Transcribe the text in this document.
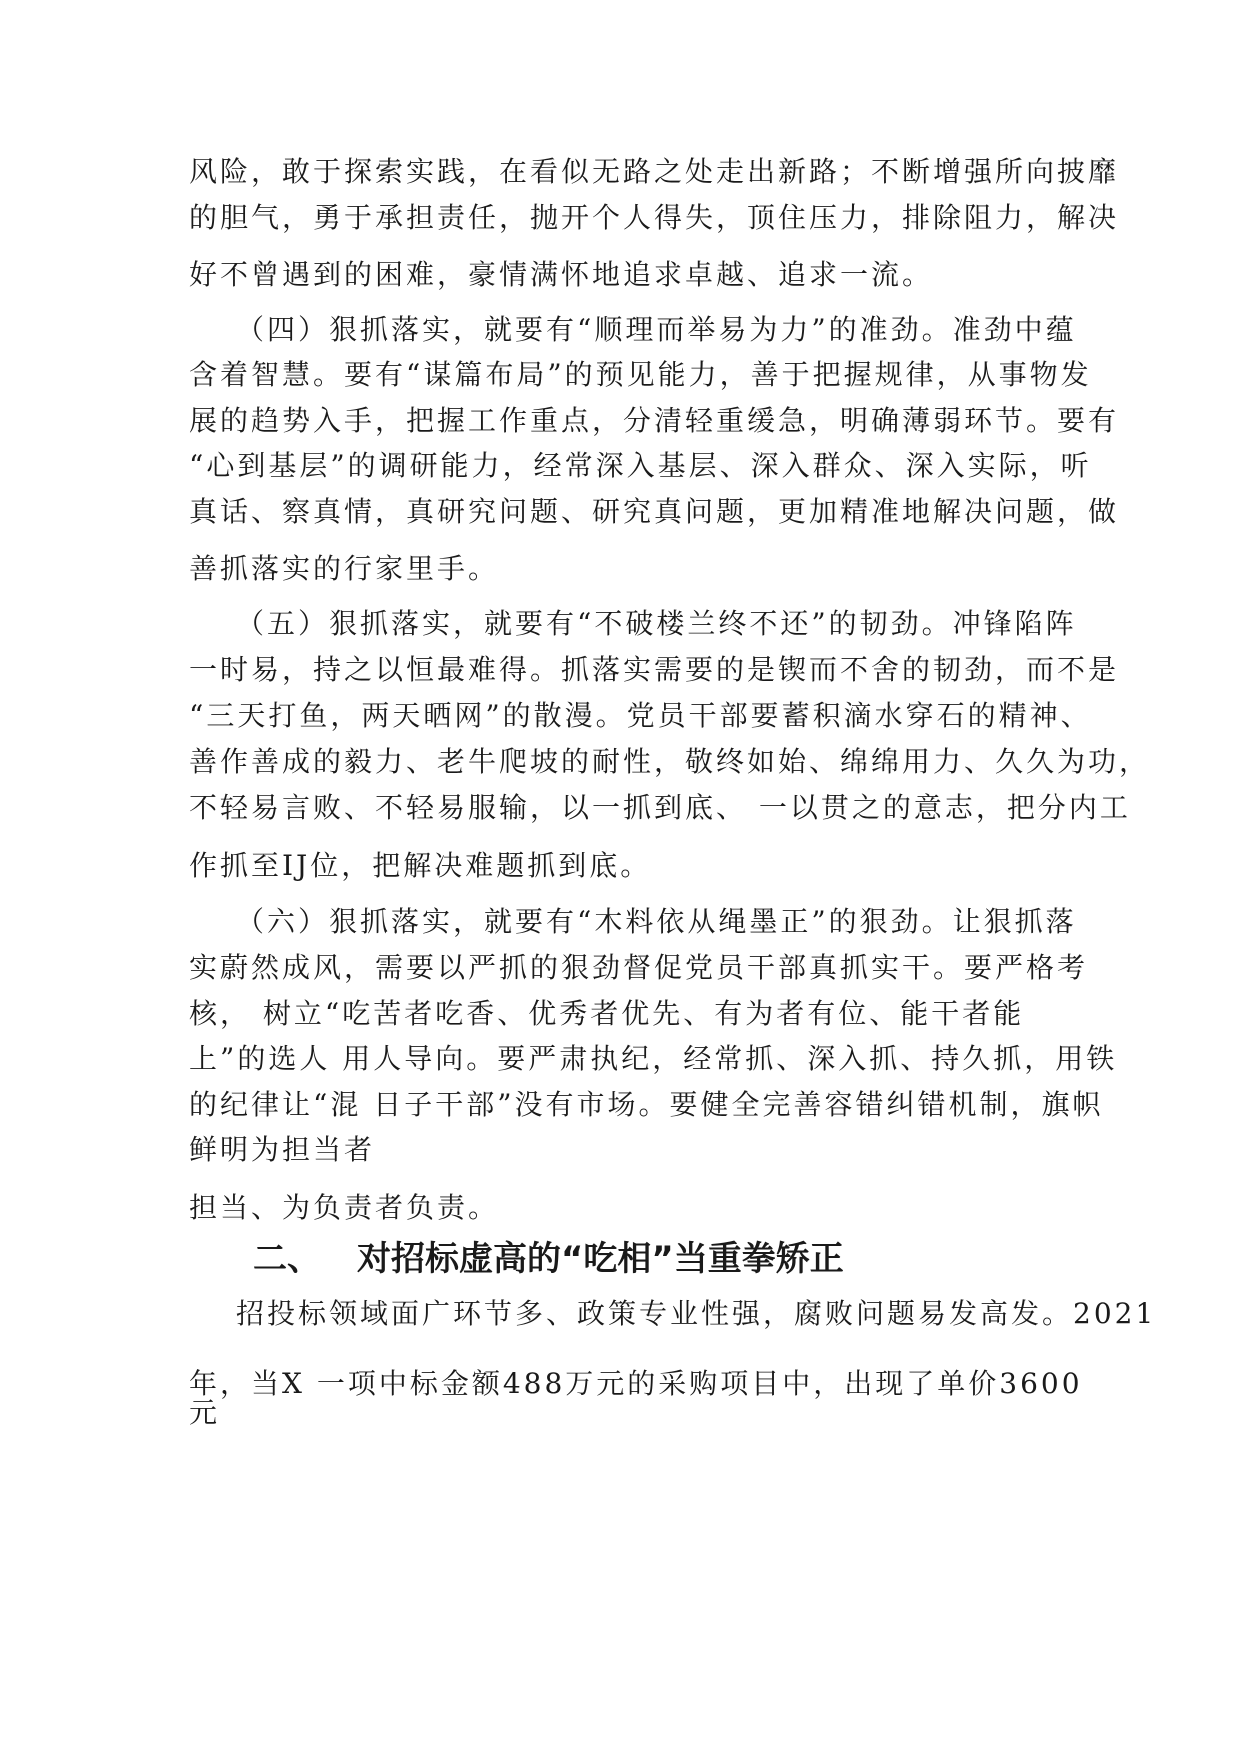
风险，敢于探索实践，在看似无路之处走出新路；不断增强所向披靡
的胆气，勇于承担责任，抛开个人得失，顶住压力，排除阻力，解决
好不曾遇到的困难，豪情满怀地追求卓越、追求一流。
（四）狠抓落实，就要有“顺理而举易为力”的准劲。准劲中蕴
含着智慧。要有“谋篇布局”的预见能力，善于把握规律，从事物发
展的趋势入手，把握工作重点，分清轻重缓急，明确薄弱环节。要有
“心到基层”的调研能力，经常深入基层、深入群众、深入实际，听
真话、察真情，真研究问题、研究真问题，更加精准地解决问题，做
善抓落实的行家里手。
（五）狠抓落实，就要有“不破楼兰终不还”的韧劲。冲锋陷阵
一时易，持之以恒最难得。抓落实需要的是锲而不舍的韧劲，而不是
“三天打鱼，两天晒网”的散漫。党员干部要蓄积滴水穿石的精神、
善作善成的毅力、老牛爬坡的耐性，敬终如始、绵绵用力、久久为功，
不轻易言败、不轻易服输，以一抓到底、 一以贯之的意志，把分内工
作抓至IJ位，把解决难题抓到底。
（六）狠抓落实，就要有“木料依从绳墨正”的狠劲。让狠抓落
实蔚然成风，需要以严抓的狠劲督促党员干部真抓实干。要严格考
核， 树立“吃苦者吃香、优秀者优先、有为者有位、能干者能
上”的选人 用人导向。要严肃执纪，经常抓、深入抓、持久抓，用铁
的纪律让“混 日子干部”没有市场。要健全完善容错纠错机制，旗帜
鲜明为担当者
担当、为负责者负责。
二、 对招标虚高的“吃相”当重拳矫正
招投标领域面广环节多、政策专业性强，腐败问题易发高发。2021
年，当X 一项中标金额488万元的采购项目中，出现了单价3600
元
